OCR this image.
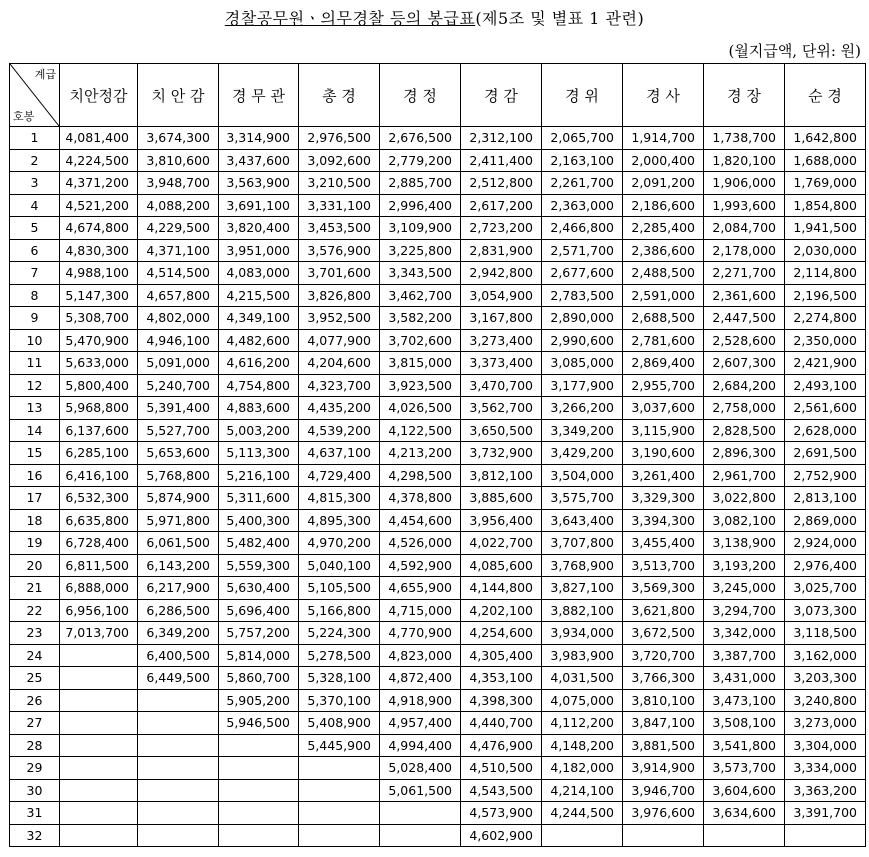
경찰공무원ㆍ의무경찰 등의 봉급표(제5조 및 별표 1 관련)
(월지급액, 단위: 원)
계급
호봉	치안정감	치 안 감	경 무 관	총 경	경 정	경 감	경 위	경 사	경 장	순 경
1	4,081,400	3,674,300	3,314,900	2,976,500	2,676,500	2,312,100	2,065,700	1,914,700	1,738,700	1,642,800
2	4,224,500	3,810,600	3,437,600	3,092,600	2,779,200	2,411,400	2,163,100	2,000,400	1,820,100	1,688,000
3	4,371,200	3,948,700	3,563,900	3,210,500	2,885,700	2,512,800	2,261,700	2,091,200	1,906,000	1,769,000
4	4,521,200	4,088,200	3,691,100	3,331,100	2,996,400	2,617,200	2,363,000	2,186,600	1,993,600	1,854,800
5	4,674,800	4,229,500	3,820,400	3,453,500	3,109,900	2,723,200	2,466,800	2,285,400	2,084,700	1,941,500
6	4,830,300	4,371,100	3,951,000	3,576,900	3,225,800	2,831,900	2,571,700	2,386,600	2,178,000	2,030,000
7	4,988,100	4,514,500	4,083,000	3,701,600	3,343,500	2,942,800	2,677,600	2,488,500	2,271,700	2,114,800
8	5,147,300	4,657,800	4,215,500	3,826,800	3,462,700	3,054,900	2,783,500	2,591,000	2,361,600	2,196,500
9	5,308,700	4,802,000	4,349,100	3,952,500	3,582,200	3,167,800	2,890,000	2,688,500	2,447,500	2,274,800
10	5,470,900	4,946,100	4,482,600	4,077,900	3,702,600	3,273,400	2,990,600	2,781,600	2,528,600	2,350,000
11	5,633,000	5,091,000	4,616,200	4,204,600	3,815,000	3,373,400	3,085,000	2,869,400	2,607,300	2,421,900
12	5,800,400	5,240,700	4,754,800	4,323,700	3,923,500	3,470,700	3,177,900	2,955,700	2,684,200	2,493,100
13	5,968,800	5,391,400	4,883,600	4,435,200	4,026,500	3,562,700	3,266,200	3,037,600	2,758,000	2,561,600
14	6,137,600	5,527,700	5,003,200	4,539,200	4,122,500	3,650,500	3,349,200	3,115,900	2,828,500	2,628,000
15	6,285,100	5,653,600	5,113,300	4,637,100	4,213,200	3,732,900	3,429,200	3,190,600	2,896,300	2,691,500
16	6,416,100	5,768,800	5,216,100	4,729,400	4,298,500	3,812,100	3,504,000	3,261,400	2,961,700	2,752,900
17	6,532,300	5,874,900	5,311,600	4,815,300	4,378,800	3,885,600	3,575,700	3,329,300	3,022,800	2,813,100
18	6,635,800	5,971,800	5,400,300	4,895,300	4,454,600	3,956,400	3,643,400	3,394,300	3,082,100	2,869,000
19	6,728,400	6,061,500	5,482,400	4,970,200	4,526,000	4,022,700	3,707,800	3,455,400	3,138,900	2,924,000
20	6,811,500	6,143,200	5,559,300	5,040,100	4,592,900	4,085,600	3,768,900	3,513,700	3,193,200	2,976,400
21	6,888,000	6,217,900	5,630,400	5,105,500	4,655,900	4,144,800	3,827,100	3,569,300	3,245,000	3,025,700
22	6,956,100	6,286,500	5,696,400	5,166,800	4,715,000	4,202,100	3,882,100	3,621,800	3,294,700	3,073,300
23	7,013,700	6,349,200	5,757,200	5,224,300	4,770,900	4,254,600	3,934,000	3,672,500	3,342,000	3,118,500
24		6,400,500	5,814,000	5,278,500	4,823,000	4,305,400	3,983,900	3,720,700	3,387,700	3,162,000
25		6,449,500	5,860,700	5,328,100	4,872,400	4,353,100	4,031,500	3,766,300	3,431,000	3,203,300
26			5,905,200	5,370,100	4,918,900	4,398,300	4,075,000	3,810,100	3,473,100	3,240,800
27			5,946,500	5,408,900	4,957,400	4,440,700	4,112,200	3,847,100	3,508,100	3,273,000
28				5,445,900	4,994,400	4,476,900	4,148,200	3,881,500	3,541,800	3,304,000
29					5,028,400	4,510,500	4,182,000	3,914,900	3,573,700	3,334,000
30					5,061,500	4,543,500	4,214,100	3,946,700	3,604,600	3,363,200
31						4,573,900	4,244,500	3,976,600	3,634,600	3,391,700
32						4,602,900				
